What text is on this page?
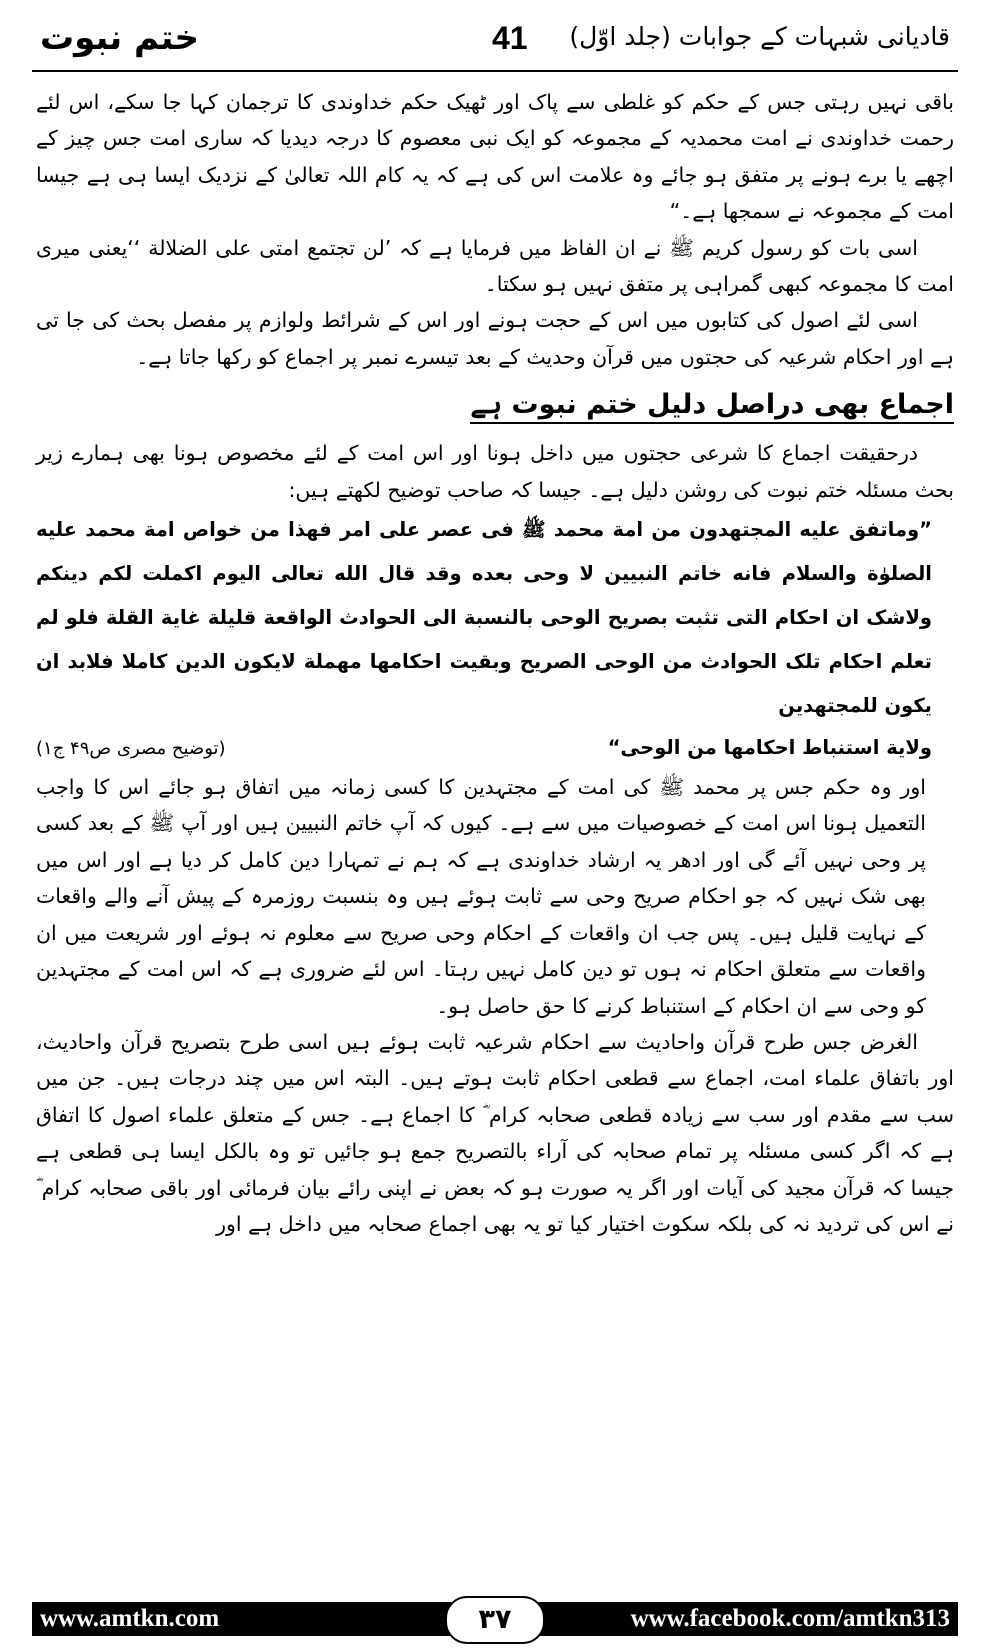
ختم نبوت	41 قادیانی شبہات کے جوابات (جلد اوّل)

باقی نہیں رہتی جس کے حکم کو غلطی سے پاک اور ٹھیک حکم خداوندی کا ترجمان کہا جا سکے، اس لئے رحمت خداوندی نے امت محمدیہ کے مجموعہ کو ایک نبی معصوم کا درجہ دیدیا کہ ساری امت جس چیز کے اچھے یا برے ہونے پر متفق ہو جائے وہ علامت اس کی ہے کہ یہ کام اللہ تعالیٰ کے نزدیک ایسا ہی ہے جیسا امت کے مجموعہ نے سمجھا ہے۔“

اسی بات کو رسول کریم ﷺ نے ان الفاظ میں فرمایا ہے کہ ’لن تجتمع امتی علی الضلالة ‘‘یعنی میری امت کا مجموعہ کبھی گمراہی پر متفق نہیں ہو سکتا۔

اسی لئے اصول کی کتابوں میں اس کے حجت ہونے اور اس کے شرائط ولوازم پر مفصل بحث کی جا تی ہے اور احکام شرعیہ کی حجتوں میں قرآن وحدیث کے بعد تیسرے نمبر پر اجماع کو رکھا جاتا ہے۔

اجماع بھی دراصل دلیل ختم نبوت ہے

درحقیقت اجماع کا شرعی حجتوں میں داخل ہونا اور اس امت کے لئے مخصوص ہونا بھی ہمارے زیر بحث مسئلہ ختم نبوت کی روشن دلیل ہے۔ جیسا کہ صاحب توضیح لکھتے ہیں:

”وماتفق علیه المجتهدون من امة محمد ﷺ فی عصر علی امر فهذا من خواص امة محمد علیه الصلوٰة والسلام فانه خاتم النبیین لا وحی بعده وقد قال الله تعالی الیوم اکملت لکم دینکم ولاشک ان احکام التی تثبت بصریح الوحی بالنسبة الی الحوادث الواقعة قلیلة غایة القلة فلو لم تعلم احکام تلک الحوادث من الوحی الصریح وبقیت احکامها مهملة لایکون الدین کاملا فلابد ان یکون للمجتهدین

ولایة استنباط احکامها من الوحی“
(توضیح مصری ص۴۹ ج۱)

اور وہ حکم جس پر محمد ﷺ کی امت کے مجتہدین کا کسی زمانہ میں اتفاق ہو جائے اس کا واجب التعمیل ہونا اس امت کے خصوصیات میں سے ہے۔ کیوں کہ آپ خاتم النبیین ہیں اور آپ ﷺ کے بعد کسی پر وحی نہیں آئے گی اور ادھر یہ ارشاد خداوندی ہے کہ ہم نے تمہارا دین کامل کر دیا ہے اور اس میں بھی شک نہیں کہ جو احکام صریح وحی سے ثابت ہوئے ہیں وہ بنسبت روزمرہ کے پیش آنے والے واقعات کے نہایت قلیل ہیں۔ پس جب ان واقعات کے احکام وحی صریح سے معلوم نہ ہوئے اور شریعت میں ان واقعات سے متعلق احکام نہ ہوں تو دین کامل نہیں رہتا۔ اس لئے ضروری ہے کہ اس امت کے مجتہدین کو وحی سے ان احکام کے استنباط کرنے کا حق حاصل ہو۔

الغرض جس طرح قرآن واحادیث سے احکام شرعیہ ثابت ہوئے ہیں اسی طرح بتصریح قرآن واحادیث، اور باتفاق علماء امت، اجماع سے قطعی احکام ثابت ہوتے ہیں۔ البتہ اس میں چند درجات ہیں۔ جن میں سب سے مقدم اور سب سے زیادہ قطعی صحابہ کرام ؓ کا اجماع ہے۔ جس کے متعلق علماء اصول کا اتفاق ہے کہ اگر کسی مسئلہ پر تمام صحابہ کی آراء بالتصریح جمع ہو جائیں تو وہ بالکل ایسا ہی قطعی ہے جیسا کہ قرآن مجید کی آیات اور اگر یہ صورت ہو کہ بعض نے اپنی رائے بیان فرمائی اور باقی صحابہ کرام ؓ نے اس کی تردید نہ کی بلکہ سکوت اختیار کیا تو یہ بھی اجماع صحابہ میں داخل ہے اور

www.amtkn.com	۳۷	www.facebook.com/amtkn313
